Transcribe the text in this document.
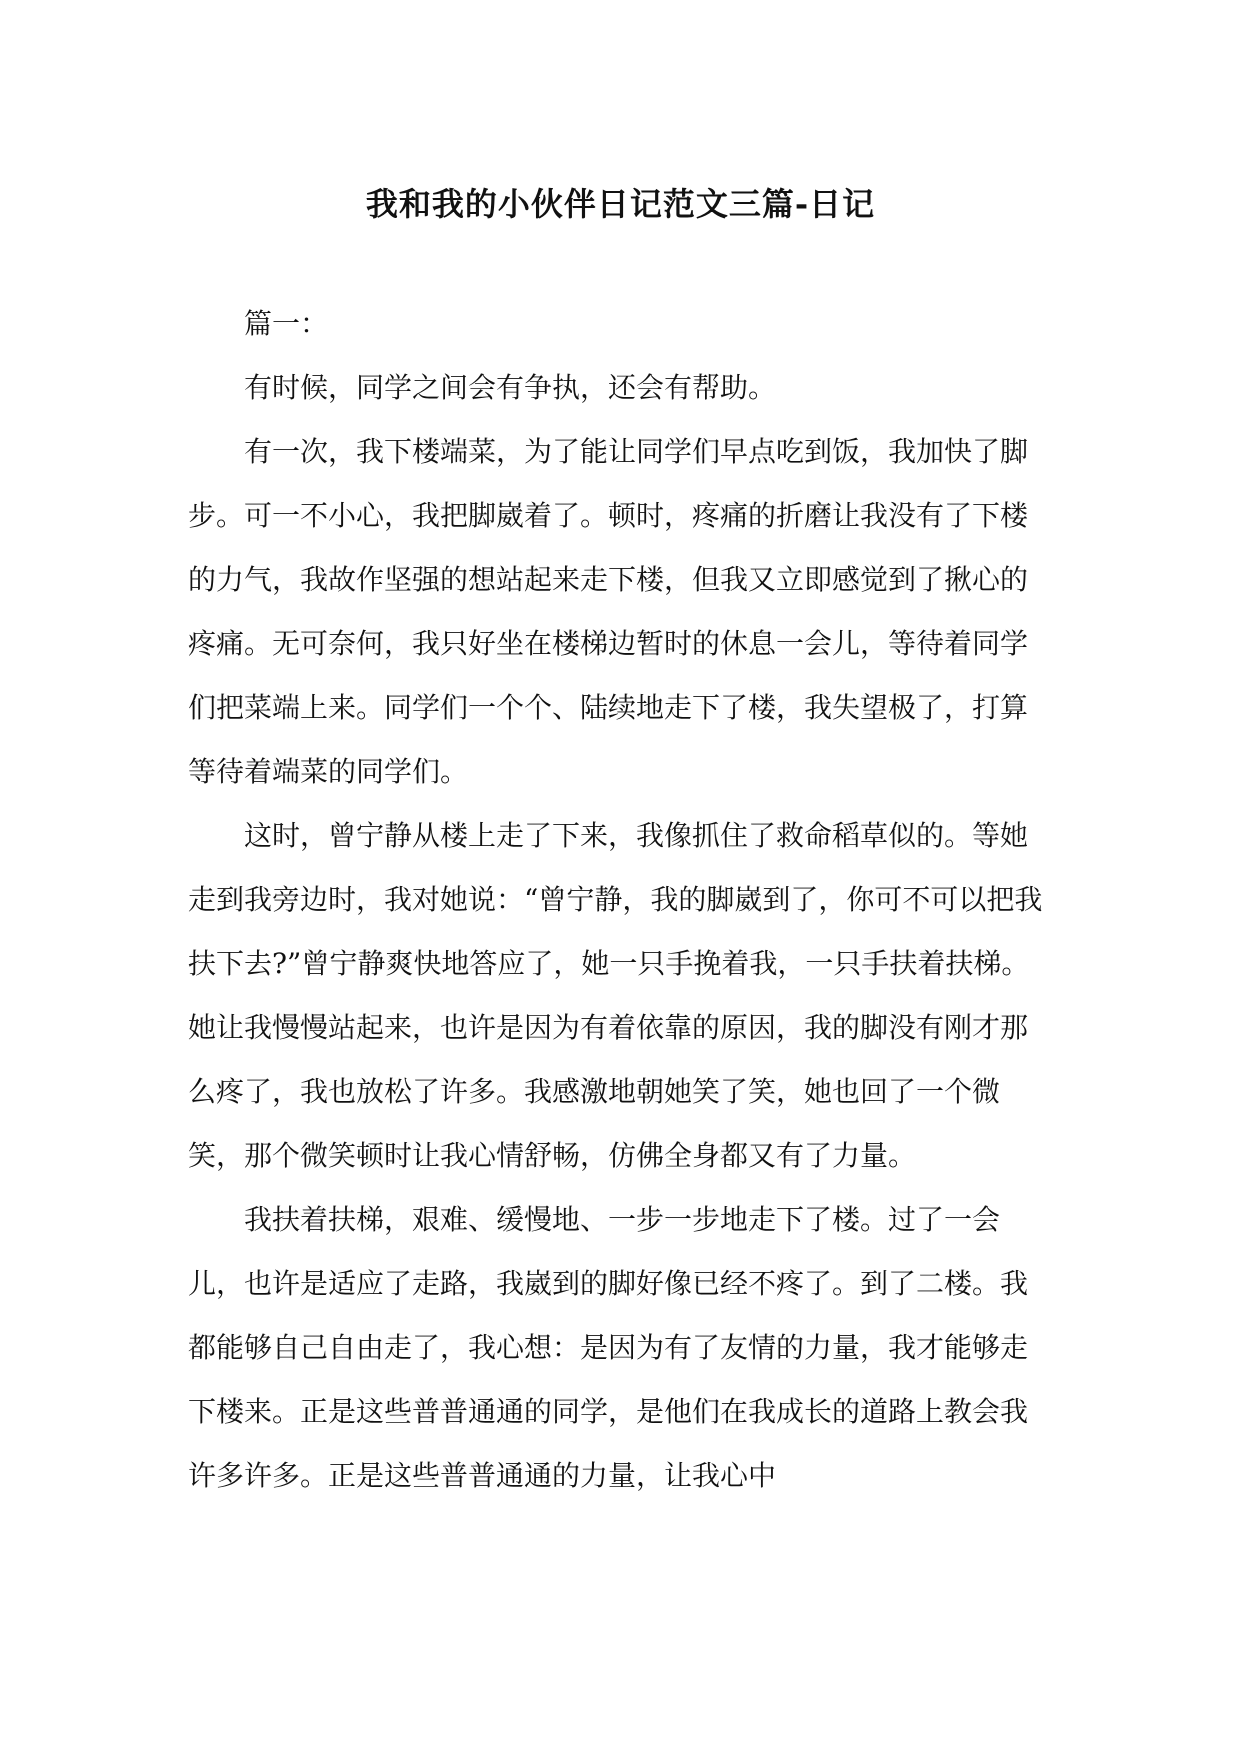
我和我的小伙伴日记范文三篇-日记

篇一：

有时候，同学之间会有争执，还会有帮助。

有一次，我下楼端菜，为了能让同学们早点吃到饭，我加快了脚步。可一不小心，我把脚崴着了。顿时，疼痛的折磨让我没有了下楼的力气，我故作坚强的想站起来走下楼，但我又立即感觉到了揪心的疼痛。无可奈何，我只好坐在楼梯边暂时的休息一会儿，等待着同学们把菜端上来。同学们一个个、陆续地走下了楼，我失望极了，打算等待着端菜的同学们。

这时，曾宁静从楼上走了下来，我像抓住了救命稻草似的。等她走到我旁边时，我对她说：“曾宁静，我的脚崴到了，你可不可以把我扶下去?”曾宁静爽快地答应了，她一只手挽着我，一只手扶着扶梯。她让我慢慢站起来，也许是因为有着依靠的原因，我的脚没有刚才那么疼了，我也放松了许多。我感激地朝她笑了笑，她也回了一个微笑，那个微笑顿时让我心情舒畅，仿佛全身都又有了力量。

我扶着扶梯，艰难、缓慢地、一步一步地走下了楼。过了一会儿，也许是适应了走路，我崴到的脚好像已经不疼了。到了二楼。我都能够自己自由走了，我心想：是因为有了友情的力量，我才能够走下楼来。正是这些普普通通的同学，是他们在我成长的道路上教会我许多许多。正是这些普普通通的力量，让我心中
